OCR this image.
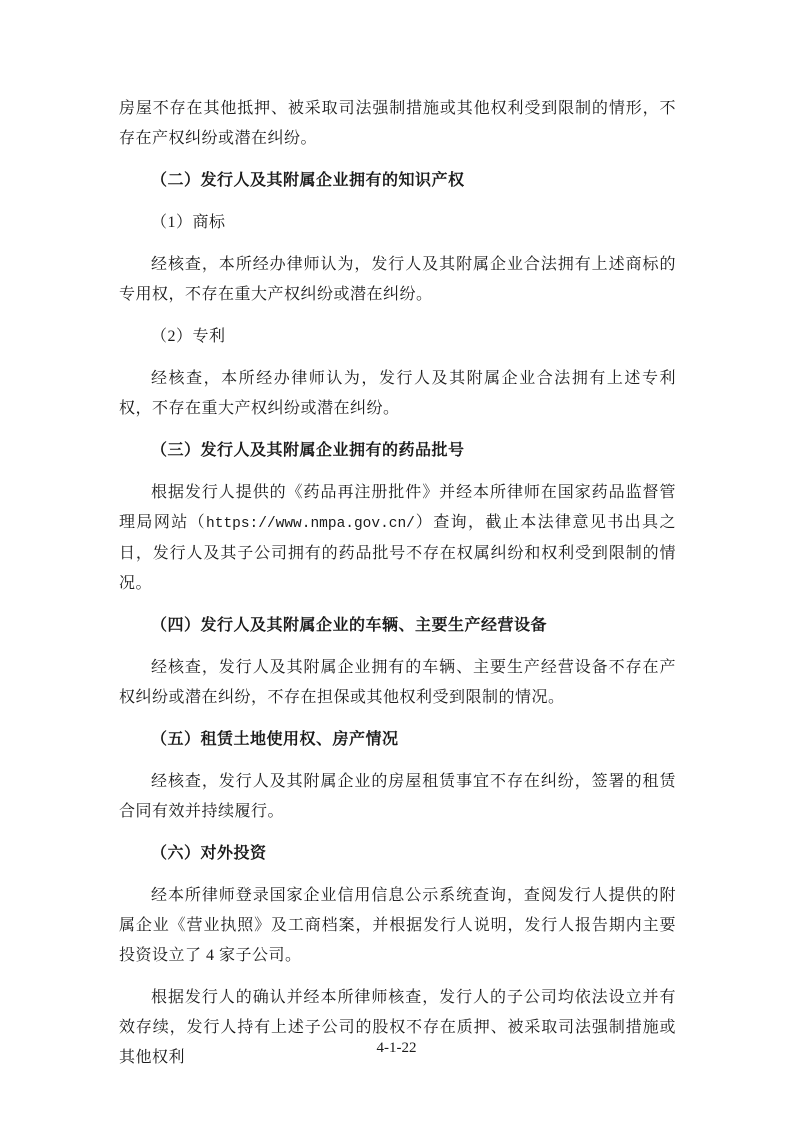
房屋不存在其他抵押、被采取司法强制措施或其他权利受到限制的情形，不存在产权纠纷或潜在纠纷。

（二）发行人及其附属企业拥有的知识产权

（1）商标

经核查，本所经办律师认为，发行人及其附属企业合法拥有上述商标的专用权，不存在重大产权纠纷或潜在纠纷。

（2）专利

经核查，本所经办律师认为，发行人及其附属企业合法拥有上述专利权，不存在重大产权纠纷或潜在纠纷。

（三）发行人及其附属企业拥有的药品批号

根据发行人提供的《药品再注册批件》并经本所律师在国家药品监督管理局网站（https://www.nmpa.gov.cn/）查询，截止本法律意见书出具之日，发行人及其子公司拥有的药品批号不存在权属纠纷和权利受到限制的情况。

（四）发行人及其附属企业的车辆、主要生产经营设备

经核查，发行人及其附属企业拥有的车辆、主要生产经营设备不存在产权纠纷或潜在纠纷，不存在担保或其他权利受到限制的情况。

（五）租赁土地使用权、房产情况

经核查，发行人及其附属企业的房屋租赁事宜不存在纠纷，签署的租赁合同有效并持续履行。

（六）对外投资

经本所律师登录国家企业信用信息公示系统查询，查阅发行人提供的附属企业《营业执照》及工商档案，并根据发行人说明，发行人报告期内主要投资设立了 4 家子公司。

根据发行人的确认并经本所律师核查，发行人的子公司均依法设立并有效存续，发行人持有上述子公司的股权不存在质押、被采取司法强制措施或其他权利

4-1-22
